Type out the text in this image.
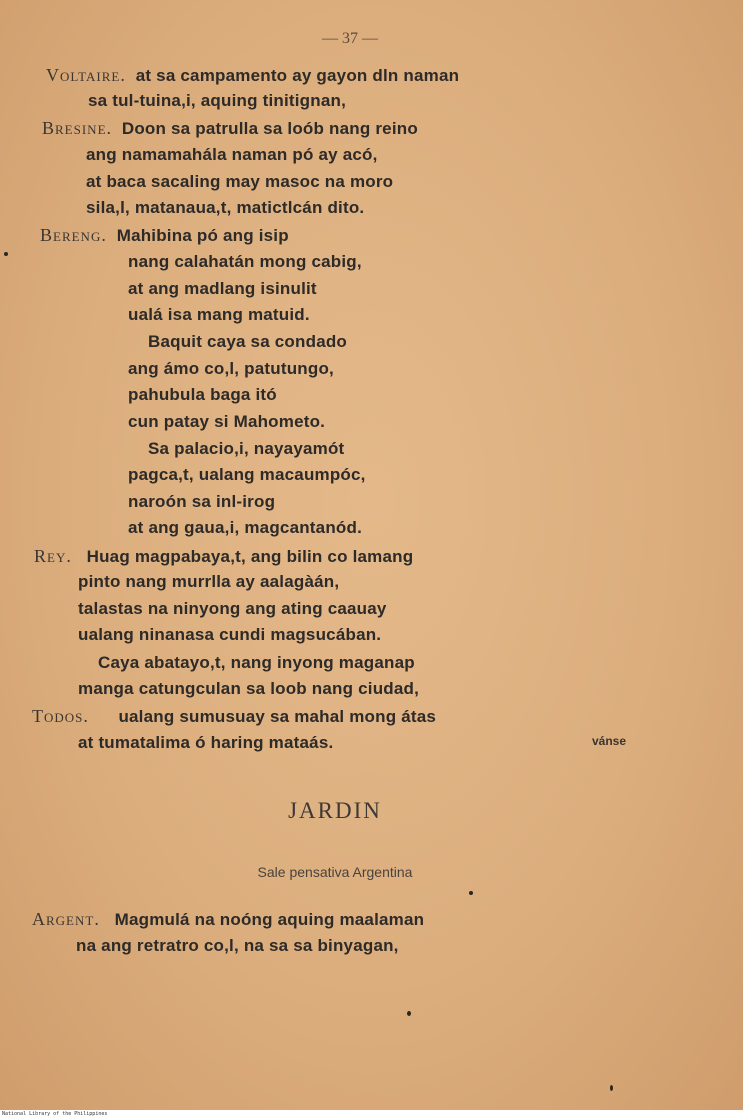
— 37 —
Voltaire. at sa campamento ay gayon dln naman
sa tul-tuina,i, aquing tinitignan,
Bresine. Doon sa patrulla sa loób nang reino
ang namamahála naman pó ay acó,
at baca sacaling may masoc na moro
sila,l, matanaua,t, matictlcán dito.
Bereng. Mahibina pó ang isip
nang calahatán mong cabig,
at ang madlang isinulit
ualá isa mang matuid.
Baquit caya sa condado
ang ámo co,l, patutungo,
pahubula baga itó
cun patay si Mahometo.
Sa palacio,i, nayayamót
pagca,t, ualang macaumpóc,
naroón sa inl-irog
at ang gaua,i, magcantanód.
Rey. Huag magpabaya,t, ang bilin co lamang
pinto nang murrlla ay aalagàán,
talastas na ninyong ang ating caauay
ualang ninanasa cundi magsucában.
Caya abatayo,t, nang inyong maganap
manga catungculan sa loob nang ciudad,
Todos. ualang sumusuay sa mahal mong átas
at tumatalima ó haring mataás.	vánse
JARDIN
Sale pensativa Argentina
Argent. Magmulá na noóng aquing maalaman
na ang retratro co,l, na sa sa binyagan,
National Library of the Philippines
